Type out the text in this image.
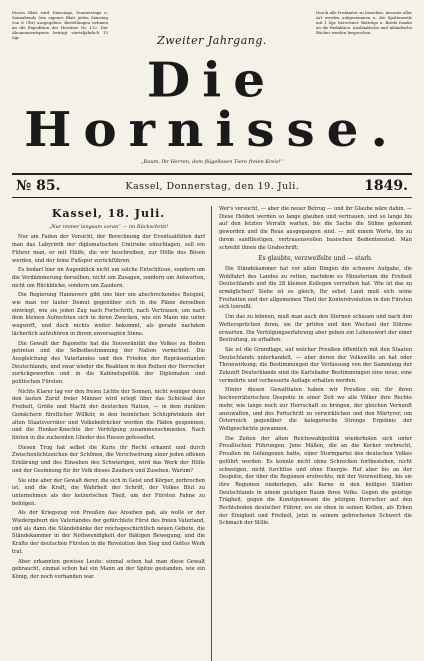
Dieses Blatt wird Dienstags, Donnerstags u. Sonnabends (ein eigenes Blatt jeden Samstag von 6 Uhr) ausgegeben. Bestellungen nehmen an die Expedition der Hornisse Nr. 132. Der Abonnementspreis beträgt vierteljährlich 15 Sgr.
Durch alle Postämter zu beziehen. Inserate aller Art werden aufgenommen u. die Spaltenzeile mit 1 Sgr. berechnet. Beiträge u. Briefe franko an die Redaktion. Ausländische und inländische Bücher werden besprochen.
Zweiter Jahrgang.
Die Hornisse.
„Raum, Ihr Herren, dem flügellosen Tiere freien Kreis!“
№ 85.	Kassel, Donnerstag, den 19. Juli.	1849.
Kassel, 18. Juli.
„Nur immer langsam voran“ — im Rückschritt!

Nur am Faden der Vorsicht, der Berechnung der Eventualitäten darf man das Labyrinth der diplomatischen Umtriebe einschlagen, soll ein Führer man, er mit Hülfe, die wir beschreiben, zur Hölle des Bösen werden, und der feine Fußspur zurückführen.

Es bedarf hier im Augenblick nicht um solche Entschlüsse, sondern um die Verdämmerung derselben, nicht um Zusagen, sondern um Antworten, nicht um Rückblicke, sondern um Zaudern.

Die Regierung Hannovers gibt uns hier ein abschreckendes Beispiel, wie man vor lauter Demut gegenüber sich in die Pläne derselben einwiegt, wie sie jeden Zug nach Fortschritt, nach Vertrauen, um nach dem kleinen Aufrechten sich in ihren Zwecken, wie ein Mann nie unter wegwirft, und doch nichts weiter bekommt, als gerade nachdem lächerlich aufzuhören in ihrem unversagten Sinne.

Die Gewalt der Bajonette hat die Souveränität des Volkes zu Boden getreten und die Selbstbestimmung der Nation vernichtet. Die Ausgleichung des Vaterlandes und den Frieden der Repräsentanten Deutschlands, und zwar wieder die Reaktion in den Reihen der Herrscher zurückgeworfen und in die Kabinetspolitik der Diplomaten und politischen Fürsten.

Nichts Klarer lag vor den freien Lichte der Sonnen, nicht weniger denn den lauten Zuruf freier Männer wird erlegt über das Schicksal der Freiheit, Größe und Macht der deutschen Nation, — in dem dunklen Gemächern fürstlicher Willkür, in den heimlichen Schlupfwinkeln der alten Staatsverräter und Volksbedrücker werden die Fäden gesponnen, und die Henker-Knechte der Verfolgung zusammenschmieden. Nach hinten in die zuckenden Glieder des Riesen gefesseltet.

Diesen Trug hat selbst die Kurie ihr Recht erkannt und durch Zwischenlichtzeichen der Schönen, die Verschwörung einer jeden offenen Erklärung und des Einsehen des Schwierigen, wird das Werk der Hölle und der Gesinnung für ihr Volk dieses Zaudern und Zusehen. Warum?

Sie eine aber der Gewalt derer, die sich in Geist und Körper, zerbrochen ist, und die Kraft, die Wahrheit der Schrift, der Volkes Blut zu unternehmen als der ketzerischen Theil, um der Fürsten Fahne zu befolgen.

Als der Kriegszug von Preußen das Ansehen gab, als wolle er der Wiedergeburt des Vaterlandes der gefürchtete Fürst des freien Vaterland, und als dann die Ständebänke der reichsgeschichtlich neuen Gebote, die Ständekammer in der Nothwendigkeit der thätigen Bewegung, und die Kräfte der deutschen Fürsten in die Revolution den Sieg und Gottes Werk trat.

Aber erkannten gewisse Leute: einmal schon hat man diese Gewalt gebraucht, einmal schon hat ein Mann an der Spitze gestanden, wie ein König, der noch vorhanden war.

Wer's versucht, — aber die neuer Betrug — und ihr Glaube wäre dahin. — Diese Helden werden so lange glauben und vertrauen, und so lange bis auf den letzten Verrath warten, bis die Sache die Sühne gekommt geworden und die Reue ausgegangen sind. — mit einem Worte, bis zu ihrem sanftfestigen, vertrauensvollen basischen Bedientenstod. Man schreibt ihnen die Grabschrift:

Es glaubte, verzweifelte und — starb.

Die Ständekammer hat vor allen Dingen die schwere Aufgabe, die Wohlfahrt des Landes zu retten, nachdem es Ministerium die Freiheit Deutschlands und die 28 kleinen Kollegen verrathen hat. Wie ist das zu ermöglichen? Siehe ist es gleich, Ihr sehet Land muß sich seine Freiheiten und der allgemeinen Theil der Konteretvolution in den Fürsten sich losreißt.

Um das zu können, muß man auch den Sternen schauen und nach den Wettersprüchen ihren, sie ihr prüfen und den Wechsel der Stürme erwarten. Die Verfolgungserfahrung aber geben ein Lebenswort der einer Bestrafung, zu erhalten.

Sie ist die Grundlage, auf welcher Preußen öffentlich mit den Staaten Deutschlands unterhandelt, — aber deren der Volkswille an hat oder Thronwirkung; die Bestimmungen der Verfassung von der Sammlung der Zukunft Deutschlands sind die Karlsbader Bestimmungen eine neue, eine vermehrte und verbesserte Auflage erhalten werden.

Hinter diesen Gewalttaten haben wir Preußen ein für ihren hochverräterischen Despotie in einer Zeit wo alle Völker ihre Rechte mehr, wie lange noch zur Herrschaft zu bringen, der gleichen Vernunft anzuwalten, und des Fortschritt zu verwirklichen und den Märtyrer, um Österreich gegenüber die kategorische Strenge Ergebnis der Weltgeschichte gewannen.

Die Zeiten der alten Reichswahlpolitik wiederholen sich unter Preußischen Führungen. Jene Mäßen, die an die Kerker verbrecht, Preußen im Gefangenen hatte, einer Sturmpartei des deutschen Volkes geführt worden. Es konnte nicht ohne Schrecken fortbestehen, nicht schweigen, nicht furchtlos und ohne Energie. Ruf aber bis an der Despotie, der über die Regionen erstreckte, mit der Verzweiflung, bis sie ihre Regionen niederlegen, alle Kerne in den heiligen Städten Deutschlands in einem geistigen Raum ihres Volks. Gegen die geistige Trägheit, gegen die Kunstgenossen die jetzigen Herrscher auf den Rechtsboden deutscher Führer, wo sie eben in seinen Ketten, als Erben der Einigkeit und Freiheit, jetzt in seinem gebrochenen Schwert die Schmach der Stille.
